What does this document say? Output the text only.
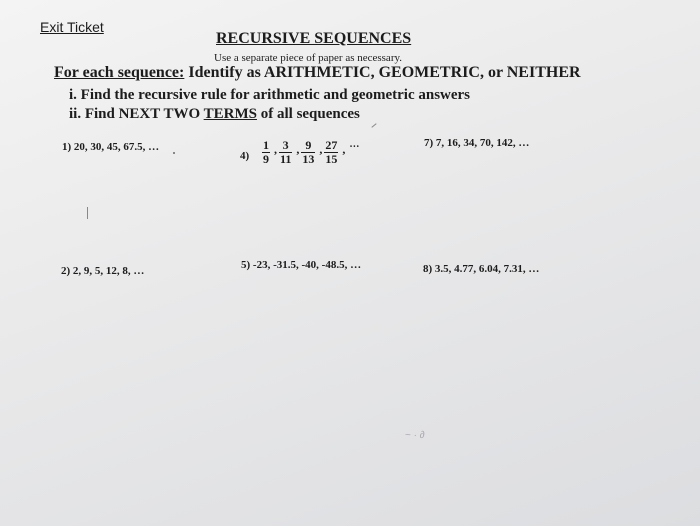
Exit Ticket
RECURSIVE SEQUENCES
Use a separate piece of paper as necessary.
For each sequence: Identify as ARITHMETIC, GEOMETRIC, or NEITHER
i. Find the recursive rule for arithmetic and geometric answers
ii. Find NEXT TWO TERMS of all sequences
1) 20, 30, 45, 67.5, …	7) 7, 16, 34, 70, 142, …
$4) \frac{1}{9}$ , $\frac{3}{11}$ , $\frac{9}{13}$ , $\frac{27}{15}$ , …
2) 2, 9, 5, 12, 8, …	5) -23, -31.5, -40, -48.5, …	8) 3.5, 4.77, 6.04, 7.31, …
~ · ∂
